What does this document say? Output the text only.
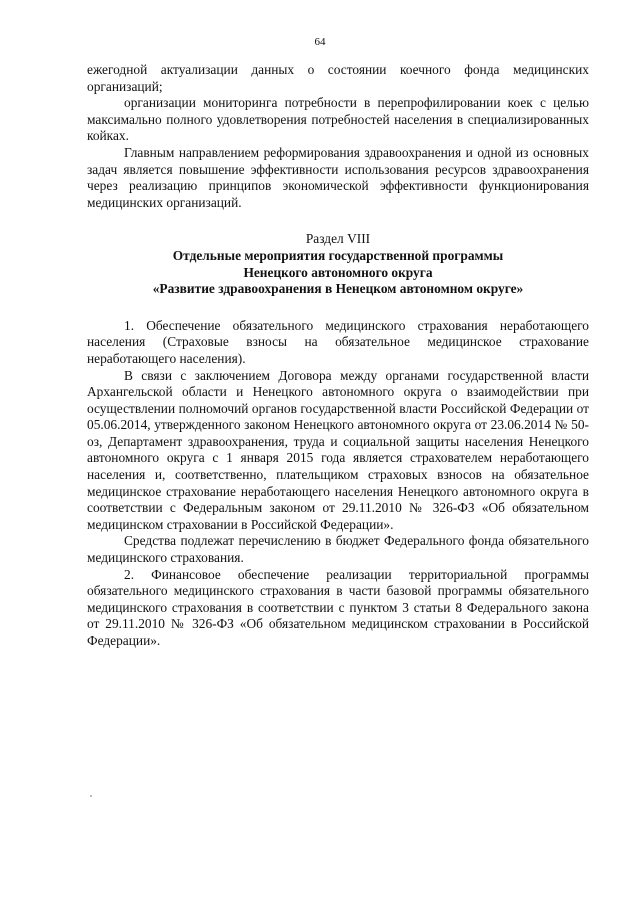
64

ежегодной актуализации данных о состоянии коечного фонда медицинских организаций;

организации мониторинга потребности в перепрофилировании коек с целью максимально полного удовлетворения потребностей населения в специализированных койках.

Главным направлением реформирования здравоохранения и одной из основных задач является повышение эффективности использования ресурсов здравоохранения через реализацию принципов экономической эффективности функционирования медицинских организаций.

Раздел VIII
Отдельные мероприятия государственной программы
Ненецкого автономного округа
«Развитие здравоохранения в Ненецком автономном округе»

1. Обеспечение обязательного медицинского страхования неработающего населения (Страховые взносы на обязательное медицинское страхование неработающего населения).

В связи с заключением Договора между органами государственной власти Архангельской области и Ненецкого автономного округа о взаимодействии при осуществлении полномочий органов государственной власти Российской Федерации от 05.06.2014, утвержденного законом Ненецкого автономного округа от 23.06.2014 № 50-оз, Департамент здравоохранения, труда и социальной защиты населения Ненецкого автономного округа с 1 января 2015 года является страхователем неработающего населения и, соответственно, плательщиком страховых взносов на обязательное медицинское страхование неработающего населения Ненецкого автономного округа в соответствии с Федеральным законом от 29.11.2010 № 326-ФЗ «Об обязательном медицинском страховании в Российской Федерации».

Средства подлежат перечислению в бюджет Федерального фонда обязательного медицинского страхования.

2. Финансовое обеспечение реализации территориальной программы обязательного медицинского страхования в части базовой программы обязательного медицинского страхования в соответствии с пунктом 3 статьи 8 Федерального закона от 29.11.2010 № 326-ФЗ «Об обязательном медицинском страховании в Российской Федерации».
